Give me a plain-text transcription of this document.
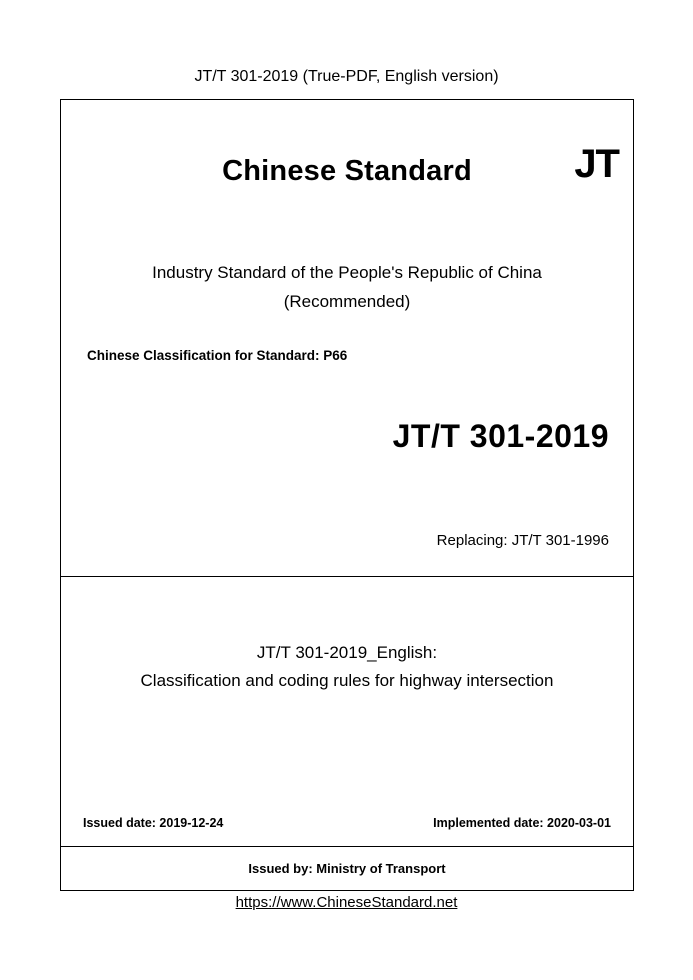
JT/T 301-2019 (True-PDF, English version)
Chinese Standard	JT
Industry Standard of the People's Republic of China
(Recommended)
Chinese Classification for Standard: P66
JT/T 301-2019
Replacing: JT/T 301-1996
JT/T 301-2019_English:
Classification and coding rules for highway intersection
Issued date: 2019-12-24	Implemented date: 2020-03-01
Issued by: Ministry of Transport
https://www.ChineseStandard.net
